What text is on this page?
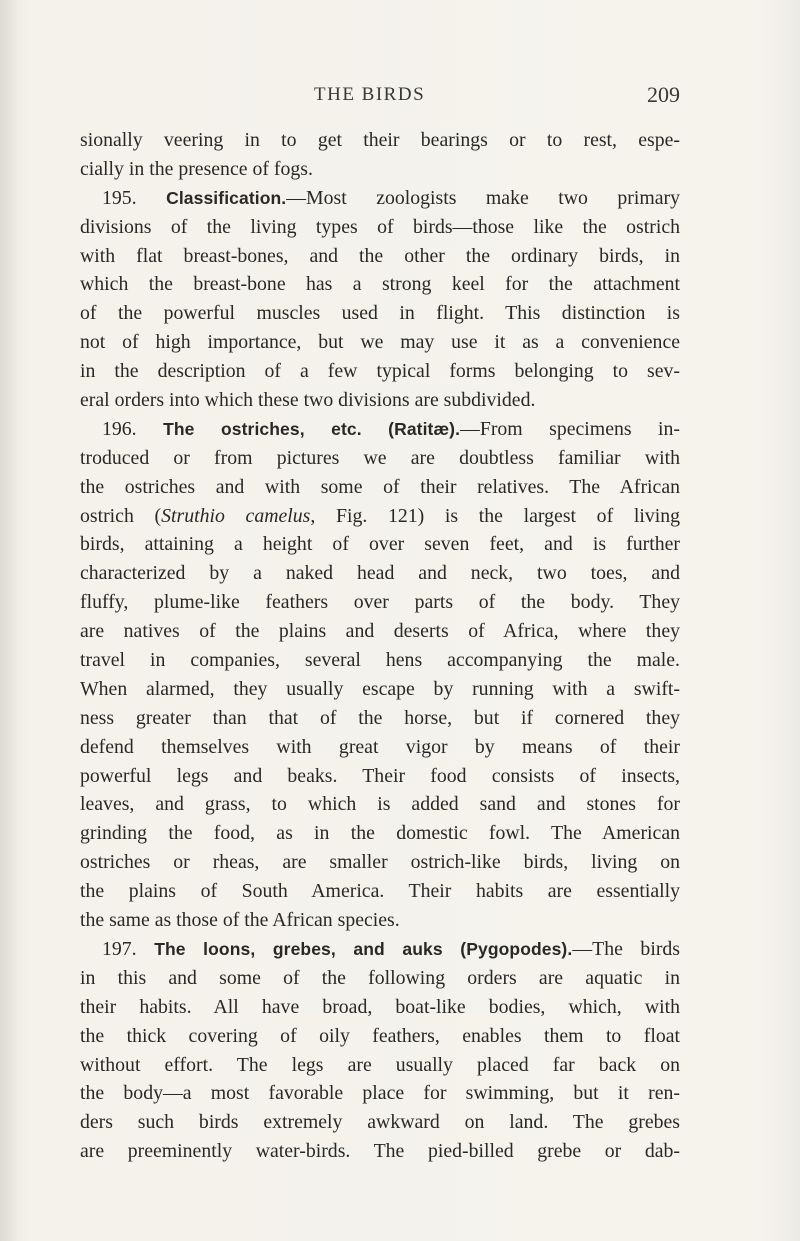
THE BIRDS	209
sionally veering in to get their bearings or to rest, espe-
cially in the presence of fogs.
195. Classification.—Most zoologists make two primary
divisions of the living types of birds—those like the ostrich
with flat breast-bones, and the other the ordinary birds, in
which the breast-bone has a strong keel for the attachment
of the powerful muscles used in flight. This distinction is
not of high importance, but we may use it as a convenience
in the description of a few typical forms belonging to sev-
eral orders into which these two divisions are subdivided.
196. The ostriches, etc. (Ratitæ).—From specimens in-
troduced or from pictures we are doubtless familiar with
the ostriches and with some of their relatives. The African
ostrich (Struthio camelus, Fig. 121) is the largest of living
birds, attaining a height of over seven feet, and is further
characterized by a naked head and neck, two toes, and
fluffy, plume-like feathers over parts of the body. They
are natives of the plains and deserts of Africa, where they
travel in companies, several hens accompanying the male.
When alarmed, they usually escape by running with a swift-
ness greater than that of the horse, but if cornered they
defend themselves with great vigor by means of their
powerful legs and beaks. Their food consists of insects,
leaves, and grass, to which is added sand and stones for
grinding the food, as in the domestic fowl. The American
ostriches or rheas, are smaller ostrich-like birds, living on
the plains of South America. Their habits are essentially
the same as those of the African species.
197. The loons, grebes, and auks (Pygopodes).—The birds
in this and some of the following orders are aquatic in
their habits. All have broad, boat-like bodies, which, with
the thick covering of oily feathers, enables them to float
without effort. The legs are usually placed far back on
the body—a most favorable place for swimming, but it ren-
ders such birds extremely awkward on land. The grebes
are preeminently water-birds. The pied-billed grebe or dab-
